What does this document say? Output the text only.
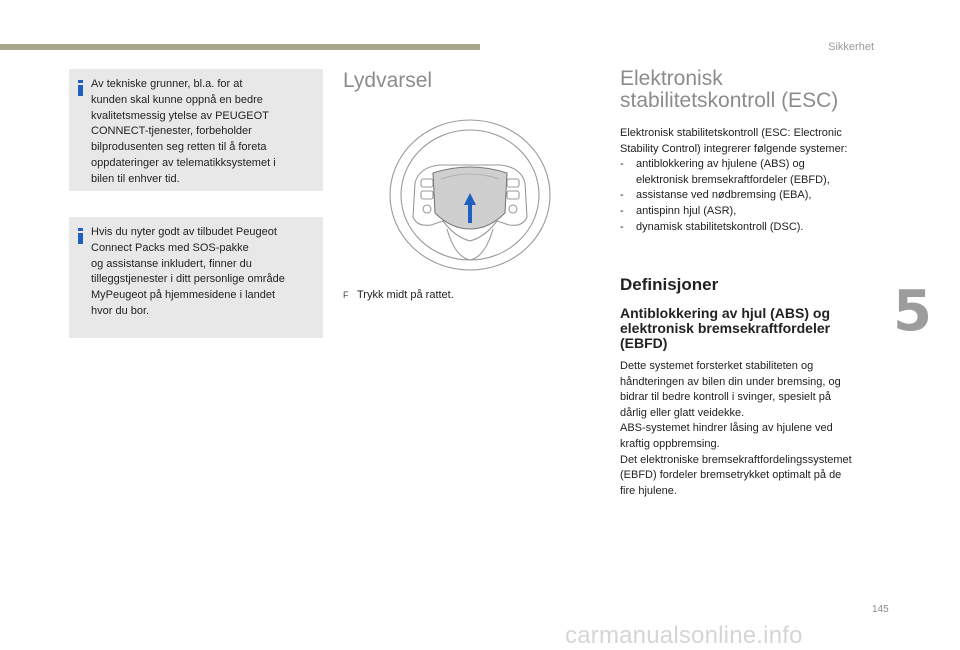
Sikkerhet
5
145
carmanualsonline.info
Av tekniske grunner, bl.a. for at
kunden skal kunne oppnå en bedre
kvalitetsmessig ytelse av PEUGEOT
CONNECT-tjenester, forbeholder
bilprodusenten seg retten til å foreta
oppdateringer av telematikksystemet i
bilen til enhver tid.
Hvis du nyter godt av tilbudet Peugeot
Connect Packs med SOS-pakke
og assistanse inkludert, finner du
tilleggstjenester i ditt personlige område
MyPeugeot på hjemmesidene i landet
hvor du bor.
Lydvarsel
F Trykk midt på rattet.
Elektronisk
stabilitetskontroll (ESC)
Elektronisk stabilitetskontroll (ESC: Electronic
Stability Control) integrerer følgende systemer:
- antiblokkering av hjulene (ABS) og
elektronisk bremsekraftfordeler (EBFD),
- assistanse ved nødbremsing (EBA),
- antispinn hjul (ASR),
- dynamisk stabilitetskontroll (DSC).
Definisjoner
Antiblokkering av hjul (ABS) og
elektronisk bremsekraftfordeler
(EBFD)
Dette systemet forsterket stabiliteten og
håndteringen av bilen din under bremsing, og
bidrar til bedre kontroll i svinger, spesielt på
dårlig eller glatt veidekke.
ABS-systemet hindrer låsing av hjulene ved
kraftig oppbremsing.
Det elektroniske bremsekraftfordelingssystemet
(EBFD) fordeler bremsetrykket optimalt på de
fire hjulene.
